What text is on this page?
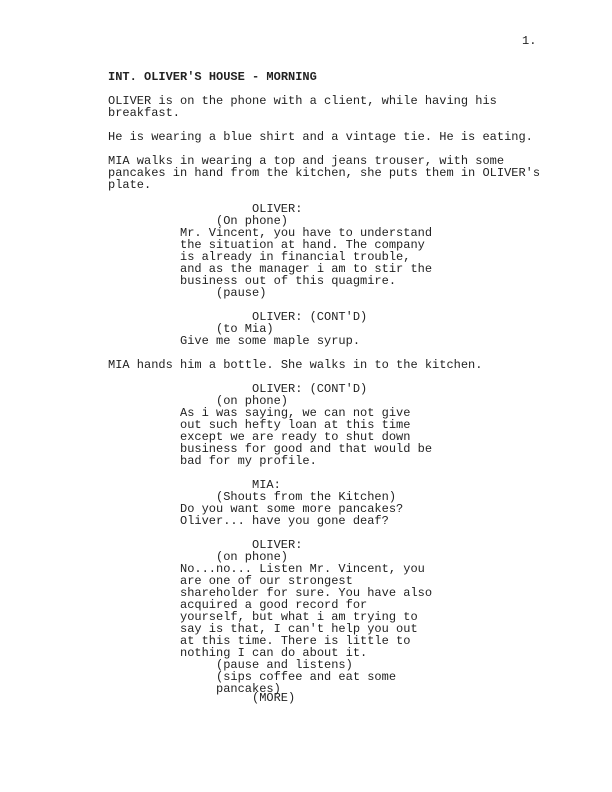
1.
INT. OLIVER'S HOUSE - MORNING
OLIVER is on the phone with a client, while having his
breakfast.
He is wearing a blue shirt and a vintage tie. He is eating.
MIA walks in wearing a top and jeans trouser, with some
pancakes in hand from the kitchen, she puts them in OLIVER's
plate.
OLIVER:
(On phone)
Mr. Vincent, you have to understand
the situation at hand. The company
is already in financial trouble,
and as the manager i am to stir the
business out of this quagmire.
(pause)
OLIVER: (CONT'D)
(to Mia)
Give me some maple syrup.
MIA hands him a bottle. She walks in to the kitchen.
OLIVER: (CONT'D)
(on phone)
As i was saying, we can not give
out such hefty loan at this time
except we are ready to shut down
business for good and that would be
bad for my profile.
MIA:
(Shouts from the Kitchen)
Do you want some more pancakes?
Oliver... have you gone deaf?
OLIVER:
(on phone)
No...no... Listen Mr. Vincent, you
are one of our strongest
shareholder for sure. You have also
acquired a good record for
yourself, but what i am trying to
say is that, I can't help you out
at this time. There is little to
nothing I can do about it.
(pause and listens)
(sips coffee and eat some
pancakes)
(MORE)
